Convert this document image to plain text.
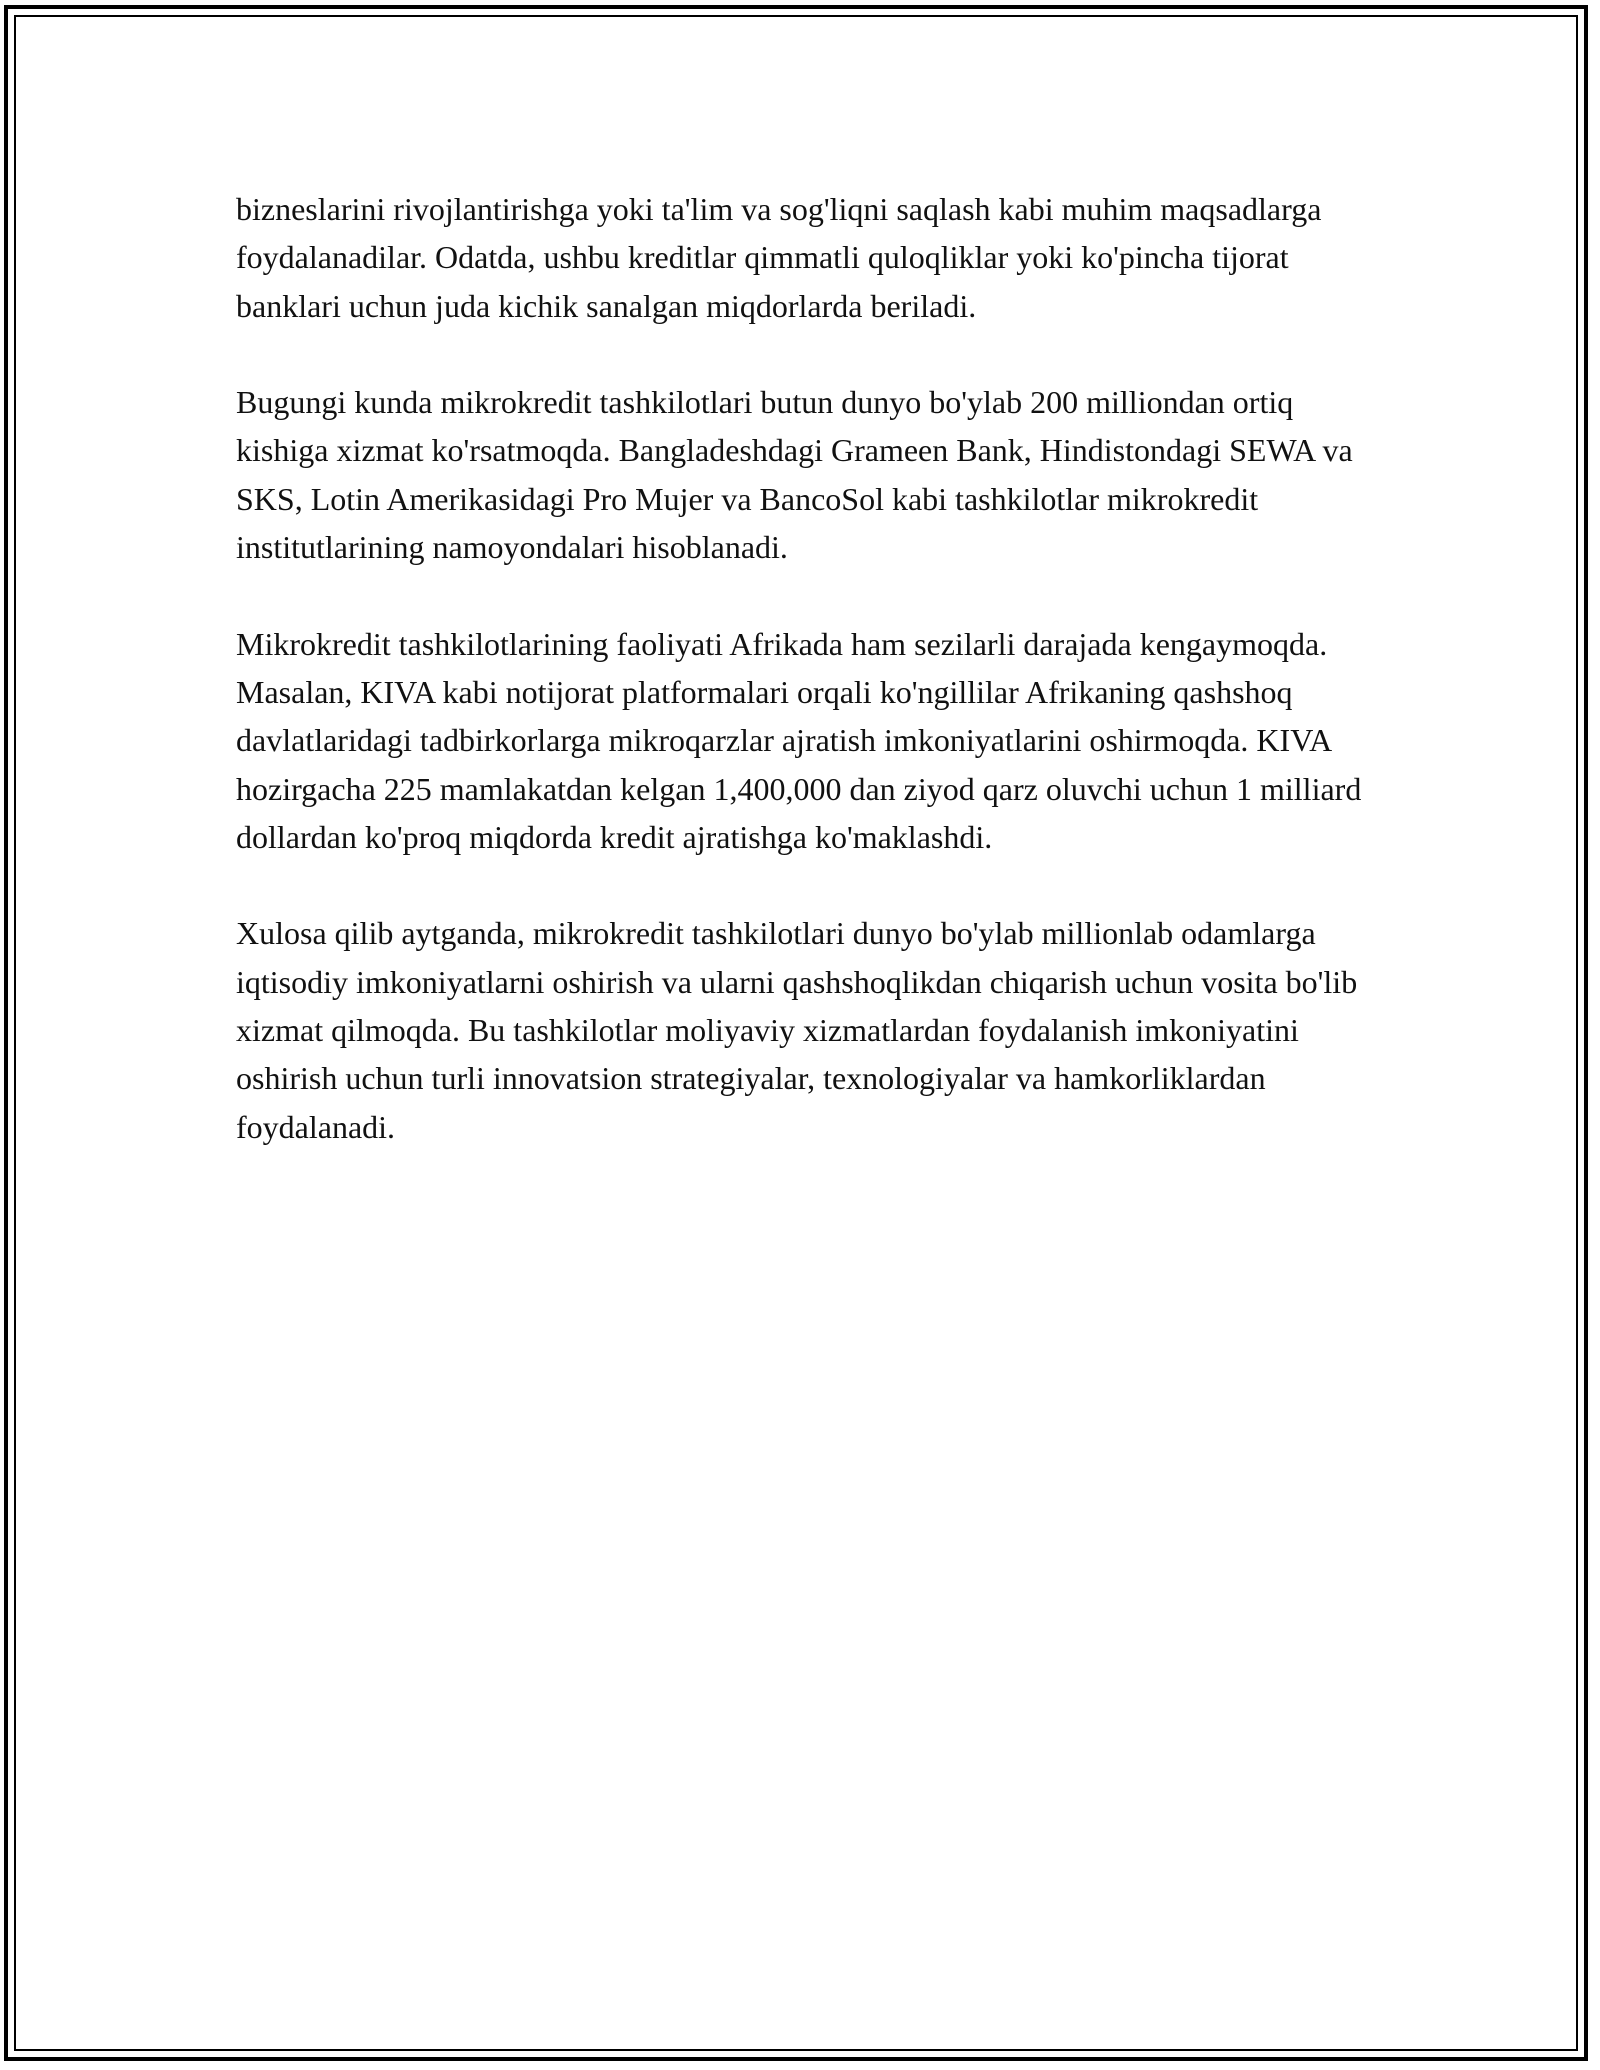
bizneslarini rivojlantirishga yoki ta'lim va sog'liqni saqlash kabi muhim maqsadlarga foydalanadilar. Odatda, ushbu kreditlar qimmatli quloqliklar yoki ko'pincha tijorat banklari uchun juda kichik sanalgan miqdorlarda beriladi.

Bugungi kunda mikrokredit tashkilotlari butun dunyo bo'ylab 200 milliondan ortiq kishiga xizmat ko'rsatmoqda. Bangladeshdagi Grameen Bank, Hindistondagi SEWA va SKS, Lotin Amerikasidagi Pro Mujer va BancoSol kabi tashkilotlar mikrokredit institutlarining namoyondalari hisoblanadi.

Mikrokredit tashkilotlarining faoliyati Afrikada ham sezilarli darajada kengaymoqda. Masalan, KIVA kabi notijorat platformalari orqali ko'ngillilar Afrikaning qashshoq davlatlaridagi tadbirkorlarga mikroqarzlar ajratish imkoniyatlarini oshirmoqda. KIVA hozirgacha 225 mamlakatdan kelgan 1,400,000 dan ziyod qarz oluvchi uchun 1 milliard dollardan ko'proq miqdorda kredit ajratishga ko'maklashdi.

Xulosa qilib aytganda, mikrokredit tashkilotlari dunyo bo'ylab millionlab odamlarga iqtisodiy imkoniyatlarni oshirish va ularni qashshoqlikdan chiqarish uchun vosita bo'lib xizmat qilmoqda. Bu tashkilotlar moliyaviy xizmatlardan foydalanish imkoniyatini oshirish uchun turli innovatsion strategiyalar, texnologiyalar va hamkorliklardan foydalanadi.
